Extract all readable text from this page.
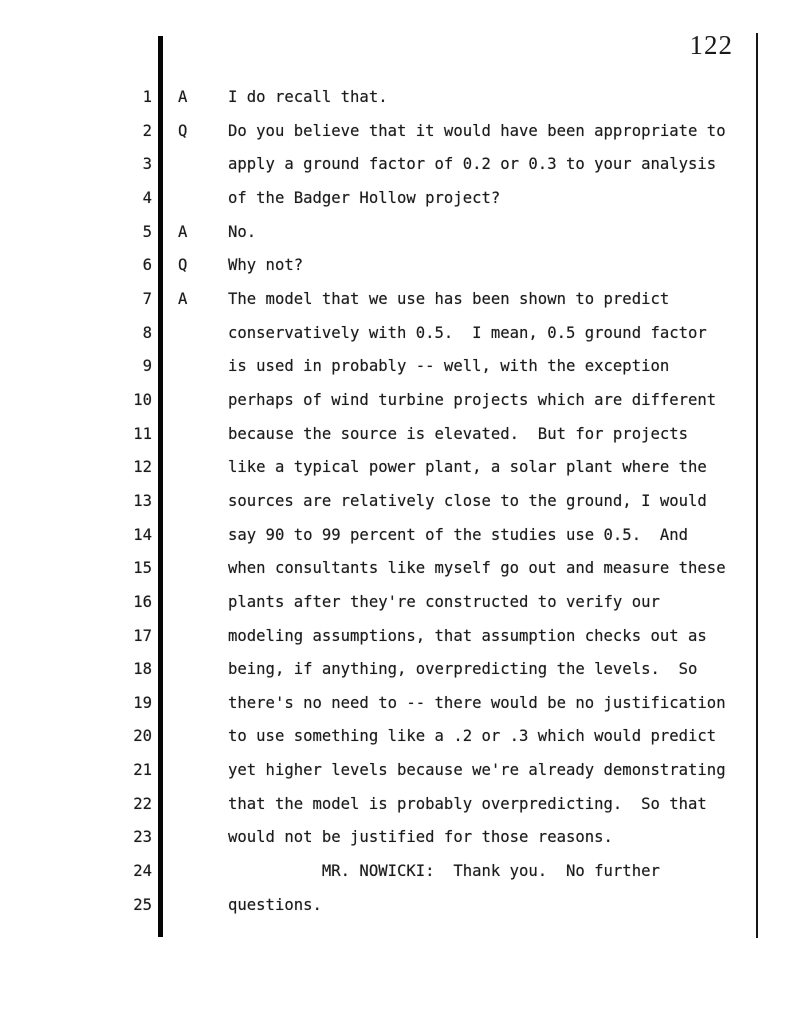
122
1 A	I do recall that.
2 Q	Do you believe that it would have been appropriate to
3	apply a ground factor of 0.2 or 0.3 to your analysis
4	of the Badger Hollow project?
5 A	No.
6 Q	Why not?
7 A	The model that we use has been shown to predict
8	conservatively with 0.5.  I mean, 0.5 ground factor
9	is used in probably -- well, with the exception
10	perhaps of wind turbine projects which are different
11	because the source is elevated.  But for projects
12	like a typical power plant, a solar plant where the
13	sources are relatively close to the ground, I would
14	say 90 to 99 percent of the studies use 0.5.  And
15	when consultants like myself go out and measure these
16	plants after they're constructed to verify our
17	modeling assumptions, that assumption checks out as
18	being, if anything, overpredicting the levels.  So
19	there's no need to -- there would be no justification
20	to use something like a .2 or .3 which would predict
21	yet higher levels because we're already demonstrating
22	that the model is probably overpredicting.  So that
23	would not be justified for those reasons.
24	MR. NOWICKI:  Thank you.  No further
25	questions.
